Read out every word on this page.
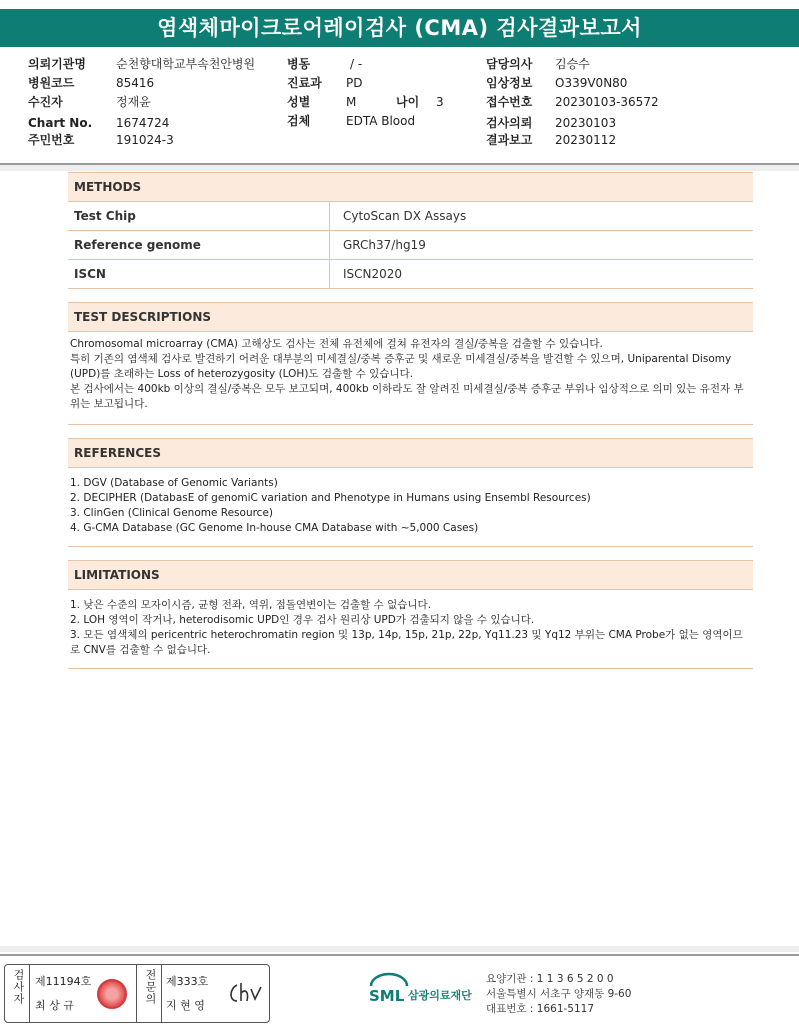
염색체마이크로어레이검사 (CMA) 검사결과보고서
의뢰기관명	순천향대학교부속천안병원
병원코드	85416
수진자	정재윤
Chart No. 1674724
주민번호	191024-3
병동	/ -
진료과 PD
성별	M	나이 3
검체	EDTA Blood
담당의사 김승수
임상정보 O339V0N80
접수번호 20230103-36572
검사의뢰 20230103
결과보고 20230112
METHODS
Test Chip	CytoScan DX Assays
Reference genome	GRCh37/hg19
ISCN	ISCN2020
TEST DESCRIPTIONS
Chromosomal microarray (CMA) 고해상도 검사는 전체 유전체에 걸쳐 유전자의 결실/중복을 검출할 수 있습니다.
특히 기존의 염색체 검사로 발견하기 어려운 대부분의 미세결실/중복 증후군 및 새로운 미세결실/중복을 발견할 수 있으며, Uniparental Disomy (UPD)를 초래하는 Loss of heterozygosity (LOH)도 검출할 수 있습니다.
본 검사에서는 400kb 이상의 결실/중복은 모두 보고되며, 400kb 이하라도 잘 알려진 미세결실/중복 증후군 부위나 임상적으로 의미 있는 유전자 부위는 보고됩니다.
REFERENCES
1. DGV (Database of Genomic Variants)
2. DECIPHER (DatabasE of genomiC variation and Phenotype in Humans using Ensembl Resources)
3. ClinGen (Clinical Genome Resource)
4. G-CMA Database (GC Genome In-house CMA Database with ~5,000 Cases)
LIMITATIONS
1. 낮은 수준의 모자이시즘, 균형 전좌, 역위, 점돌연변이는 검출할 수 없습니다.
2. LOH 영역이 작거나, heterodisomic UPD인 경우 검사 원리상 UPD가 검출되지 않을 수 있습니다.
3. 모든 염색체의 pericentric heterochromatin region 및 13p, 14p, 15p, 21p, 22p, Yq11.23 및 Yq12 부위는 CMA Probe가 없는 영역이므로 CNV를 검출할 수 없습니다.
검사자 제11194호
최 상 규
전문의 제333호
지 현 영
SML 삼광의료재단
요양기관 : 1 1 3 6 5 2 0 0
서울특별시 서초구 양재동 9-60
대표번호 : 1661-5117
